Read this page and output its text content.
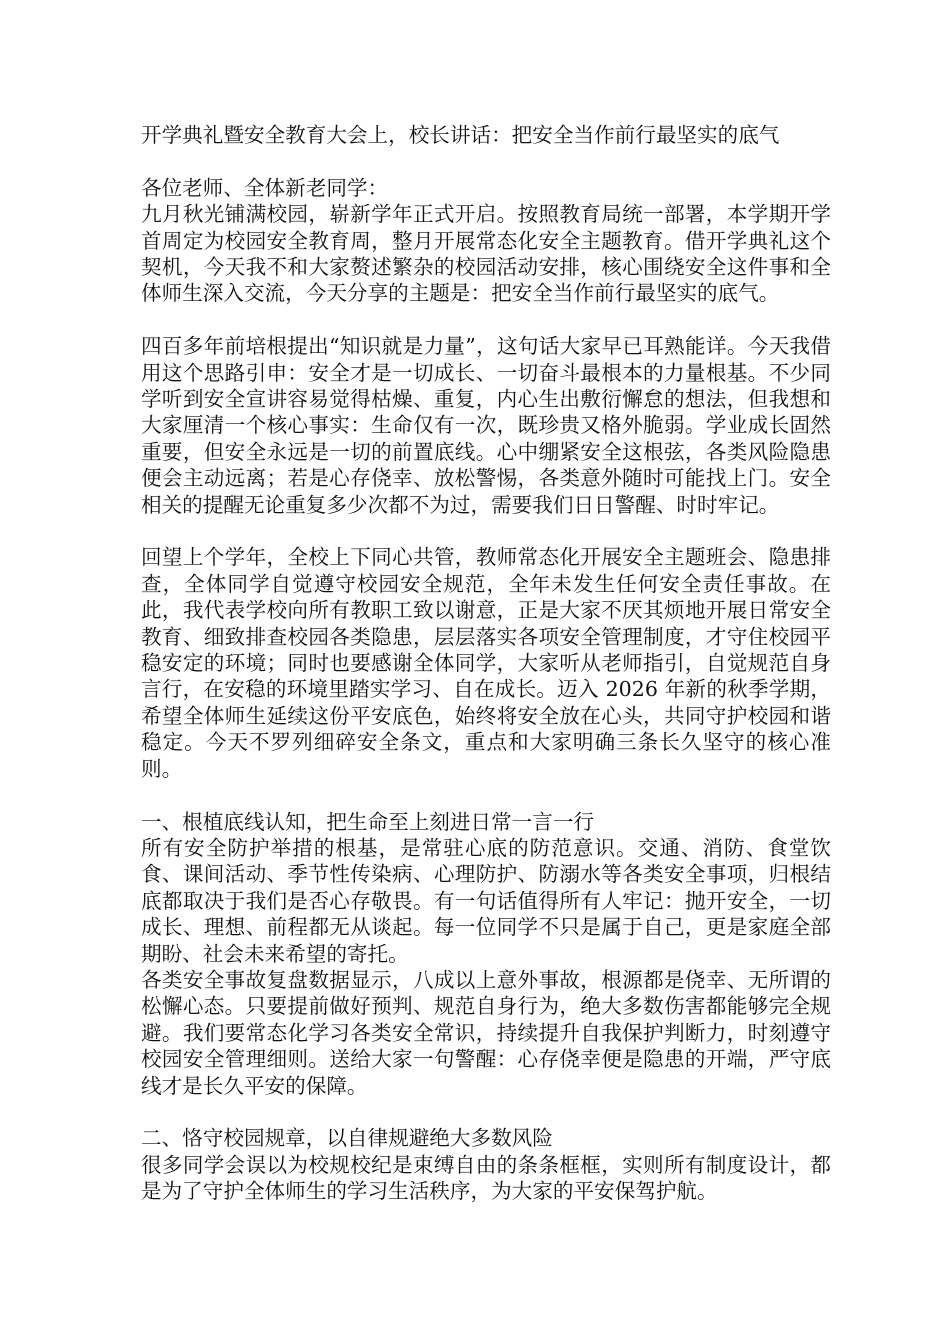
开学典礼暨安全教育大会上，校长讲话：把安全当作前行最坚实的底气

各位老师、全体新老同学：

九月秋光铺满校园，崭新学年正式开启。按照教育局统一部署，本学期开学首周定为校园安全教育周，整月开展常态化安全主题教育。借开学典礼这个契机，今天我不和大家赘述繁杂的校园活动安排，核心围绕安全这件事和全体师生深入交流，今天分享的主题是：把安全当作前行最坚实的底气。

四百多年前培根提出“知识就是力量”，这句话大家早已耳熟能详。今天我借用这个思路引申：安全才是一切成长、一切奋斗最根本的力量根基。不少同学听到安全宣讲容易觉得枯燥、重复，内心生出敷衍懈怠的想法，但我想和大家厘清一个核心事实：生命仅有一次，既珍贵又格外脆弱。学业成长固然重要，但安全永远是一切的前置底线。心中绷紧安全这根弦，各类风险隐患便会主动远离；若是心存侥幸、放松警惕，各类意外随时可能找上门。安全相关的提醒无论重复多少次都不为过，需要我们日日警醒、时时牢记。

回望上个学年，全校上下同心共管，教师常态化开展安全主题班会、隐患排查，全体同学自觉遵守校园安全规范，全年未发生任何安全责任事故。在此，我代表学校向所有教职工致以谢意，正是大家不厌其烦地开展日常安全教育、细致排查校园各类隐患，层层落实各项安全管理制度，才守住校园平稳安定的环境；同时也要感谢全体同学，大家听从老师指引，自觉规范自身言行，在安稳的环境里踏实学习、自在成长。迈入 2026 年新的秋季学期，希望全体师生延续这份平安底色，始终将安全放在心头，共同守护校园和谐稳定。今天不罗列细碎安全条文，重点和大家明确三条长久坚守的核心准则。

一、根植底线认知，把生命至上刻进日常一言一行

所有安全防护举措的根基，是常驻心底的防范意识。交通、消防、食堂饮食、课间活动、季节性传染病、心理防护、防溺水等各类安全事项，归根结底都取决于我们是否心存敬畏。有一句话值得所有人牢记：抛开安全，一切成长、理想、前程都无从谈起。每一位同学不只是属于自己，更是家庭全部期盼、社会未来希望的寄托。

各类安全事故复盘数据显示，八成以上意外事故，根源都是侥幸、无所谓的松懈心态。只要提前做好预判、规范自身行为，绝大多数伤害都能够完全规避。我们要常态化学习各类安全常识，持续提升自我保护判断力，时刻遵守校园安全管理细则。送给大家一句警醒：心存侥幸便是隐患的开端，严守底线才是长久平安的保障。

二、恪守校园规章，以自律规避绝大多数风险

很多同学会误以为校规校纪是束缚自由的条条框框，实则所有制度设计，都是为了守护全体师生的学习生活秩序，为大家的平安保驾护航。
